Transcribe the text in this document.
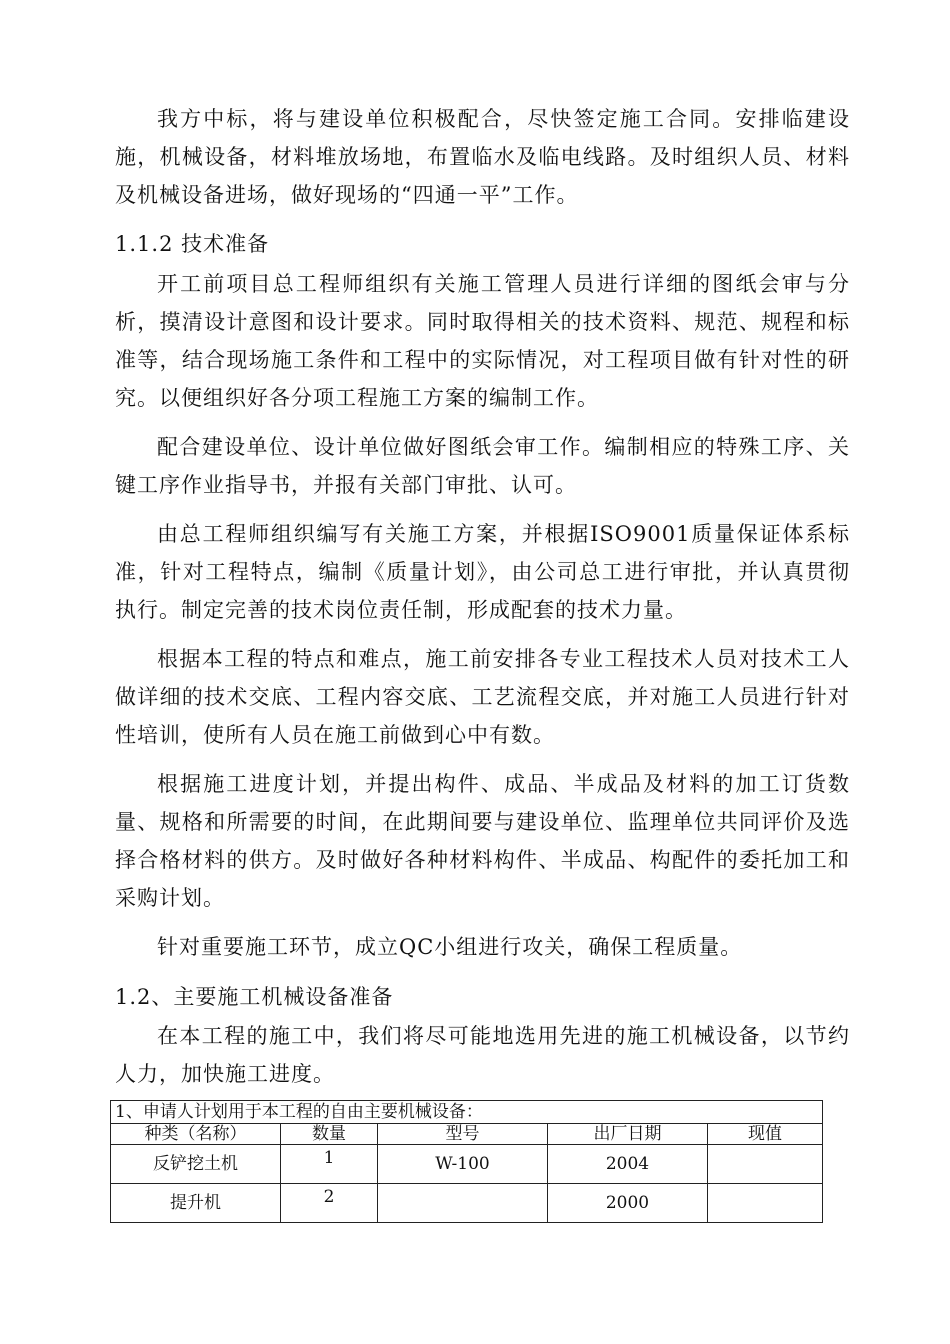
我方中标，将与建设单位积极配合，尽快签定施工合同。安排临建设施，机械设备，材料堆放场地，布置临水及临电线路。及时组织人员、材料及机械设备进场，做好现场的“四通一平”工作。

1.1.2 技术准备

开工前项目总工程师组织有关施工管理人员进行详细的图纸会审与分析，摸清设计意图和设计要求。同时取得相关的技术资料、规范、规程和标准等，结合现场施工条件和工程中的实际情况，对工程项目做有针对性的研究。以便组织好各分项工程施工方案的编制工作。

配合建设单位、设计单位做好图纸会审工作。编制相应的特殊工序、关键工序作业指导书，并报有关部门审批、认可。

由总工程师组织编写有关施工方案，并根据ISO9001质量保证体系标准，针对工程特点，编制《质量计划》，由公司总工进行审批，并认真贯彻执行。制定完善的技术岗位责任制，形成配套的技术力量。

根据本工程的特点和难点，施工前安排各专业工程技术人员对技术工人做详细的技术交底、工程内容交底、工艺流程交底，并对施工人员进行针对性培训，使所有人员在施工前做到心中有数。

根据施工进度计划，并提出构件、成品、半成品及材料的加工订货数量、规格和所需要的时间，在此期间要与建设单位、监理单位共同评价及选择合格材料的供方。及时做好各种材料构件、半成品、构配件的委托加工和采购计划。

针对重要施工环节，成立QC小组进行攻关，确保工程质量。

1.2、主要施工机械设备准备

在本工程的施工中，我们将尽可能地选用先进的施工机械设备，以节约人力，加快施工进度。

1、申请人计划用于本工程的自由主要机械设备：				
种类（名称）	数量	型号	出厂日期	现值
反铲挖土机	1	W-100	2004	
提升机	2		2000	
